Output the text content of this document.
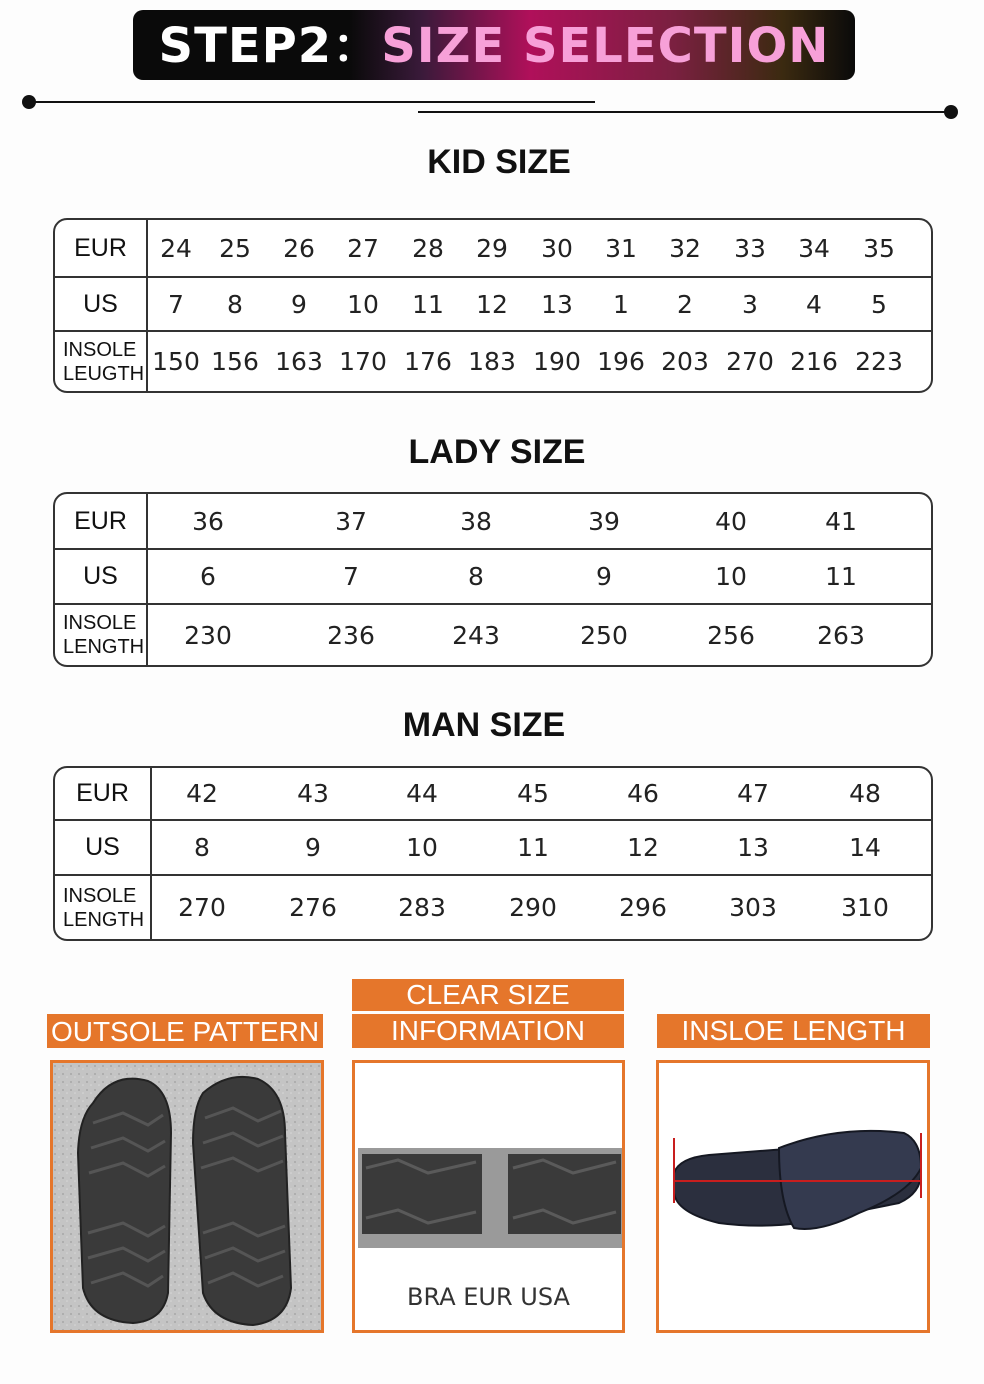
STEP2：SIZE SELECTION
KID SIZE
EUR	24	25	26	27	28	29	30	31	32	33	34	35
US	7	8	9	10	11	12	13	1	2	3	4	5
INSOLE LEUGTH 150 156 163 170 176 183 190 196 203 270 216 223
LADY SIZE
EUR	36	37	38	39	40	41
US	6	7	8	9	10	11
INSOLE LENGTH 230	236	243	250	256 263
MAN SIZE
EUR	42	43	44	45	46	47	48
US	8	9	10	11	12	13	14
INSOLE LENGTH	270	276 283	290 296 303	310
OUTSOLE PATTERN
CLEAR SIZE
INFORMATION	INSLOE LENGTH
BRA EUR USA
